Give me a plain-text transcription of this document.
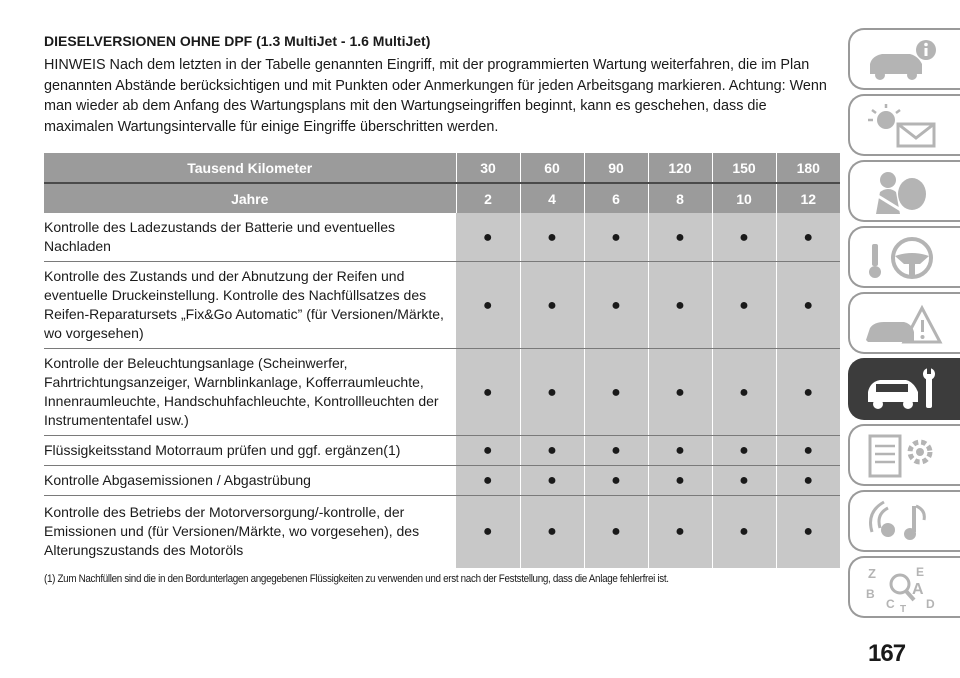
DIESELVERSIONEN OHNE DPF (1.3 MultiJet - 1.6 MultiJet)

HINWEIS Nach dem letzten in der Tabelle genannten Eingriff, mit der programmierten Wartung weiterfahren, die im Plan genannten Abstände berücksichtigen und mit Punkten oder Anmerkungen für jeden Arbeitsgang markieren. Achtung: Wenn man wieder ab dem Anfang des Wartungsplans mit den Wartungseingriffen beginnt, kann es geschehen, dass die maximalen Wartungsintervalle für einige Eingriffe überschritten werden.

Tausend Kilometer	30	60	90	120	150	180
Jahre	2	4	6	8	10	12
Kontrolle des Ladezustands der Batterie und eventuelles Nachladen	●	●	●	●	●	●
Kontrolle des Zustands und der Abnutzung der Reifen und eventuelle Druckeinstellung. Kontrolle des Nachfüllsatzes des Reifen-Reparatursets „Fix&Go Automatic” (für Versionen/Märkte, wo vorgesehen)	●	●	●	●	●	●
Kontrolle der Beleuchtungsanlage (Scheinwerfer, Fahrtrichtungsanzeiger, Warnblinkanlage, Kofferraumleuchte, Innenraumleuchte, Handschuhfachleuchte, Kontrollleuchten der Instrumententafel usw.)	●	●	●	●	●	●
Flüssigkeitsstand Motorraum prüfen und ggf. ergänzen(1)	●	●	●	●	●	●
Kontrolle Abgasemissionen / Abgastrübung	●	●	●	●	●	●
Kontrolle des Betriebs der Motorversorgung/-kontrolle, der Emissionen und (für Versionen/Märkte, wo vorgesehen), des Alterungszustands des Motoröls	●	●	●	●	●	●
(1) Zum Nachfüllen sind die in den Bordunterlagen angegebenen Flüssigkeiten zu verwenden und erst nach der Feststellung, dass die Anlage fehlerfrei ist.	Z	E
B A
C	D
T
167
